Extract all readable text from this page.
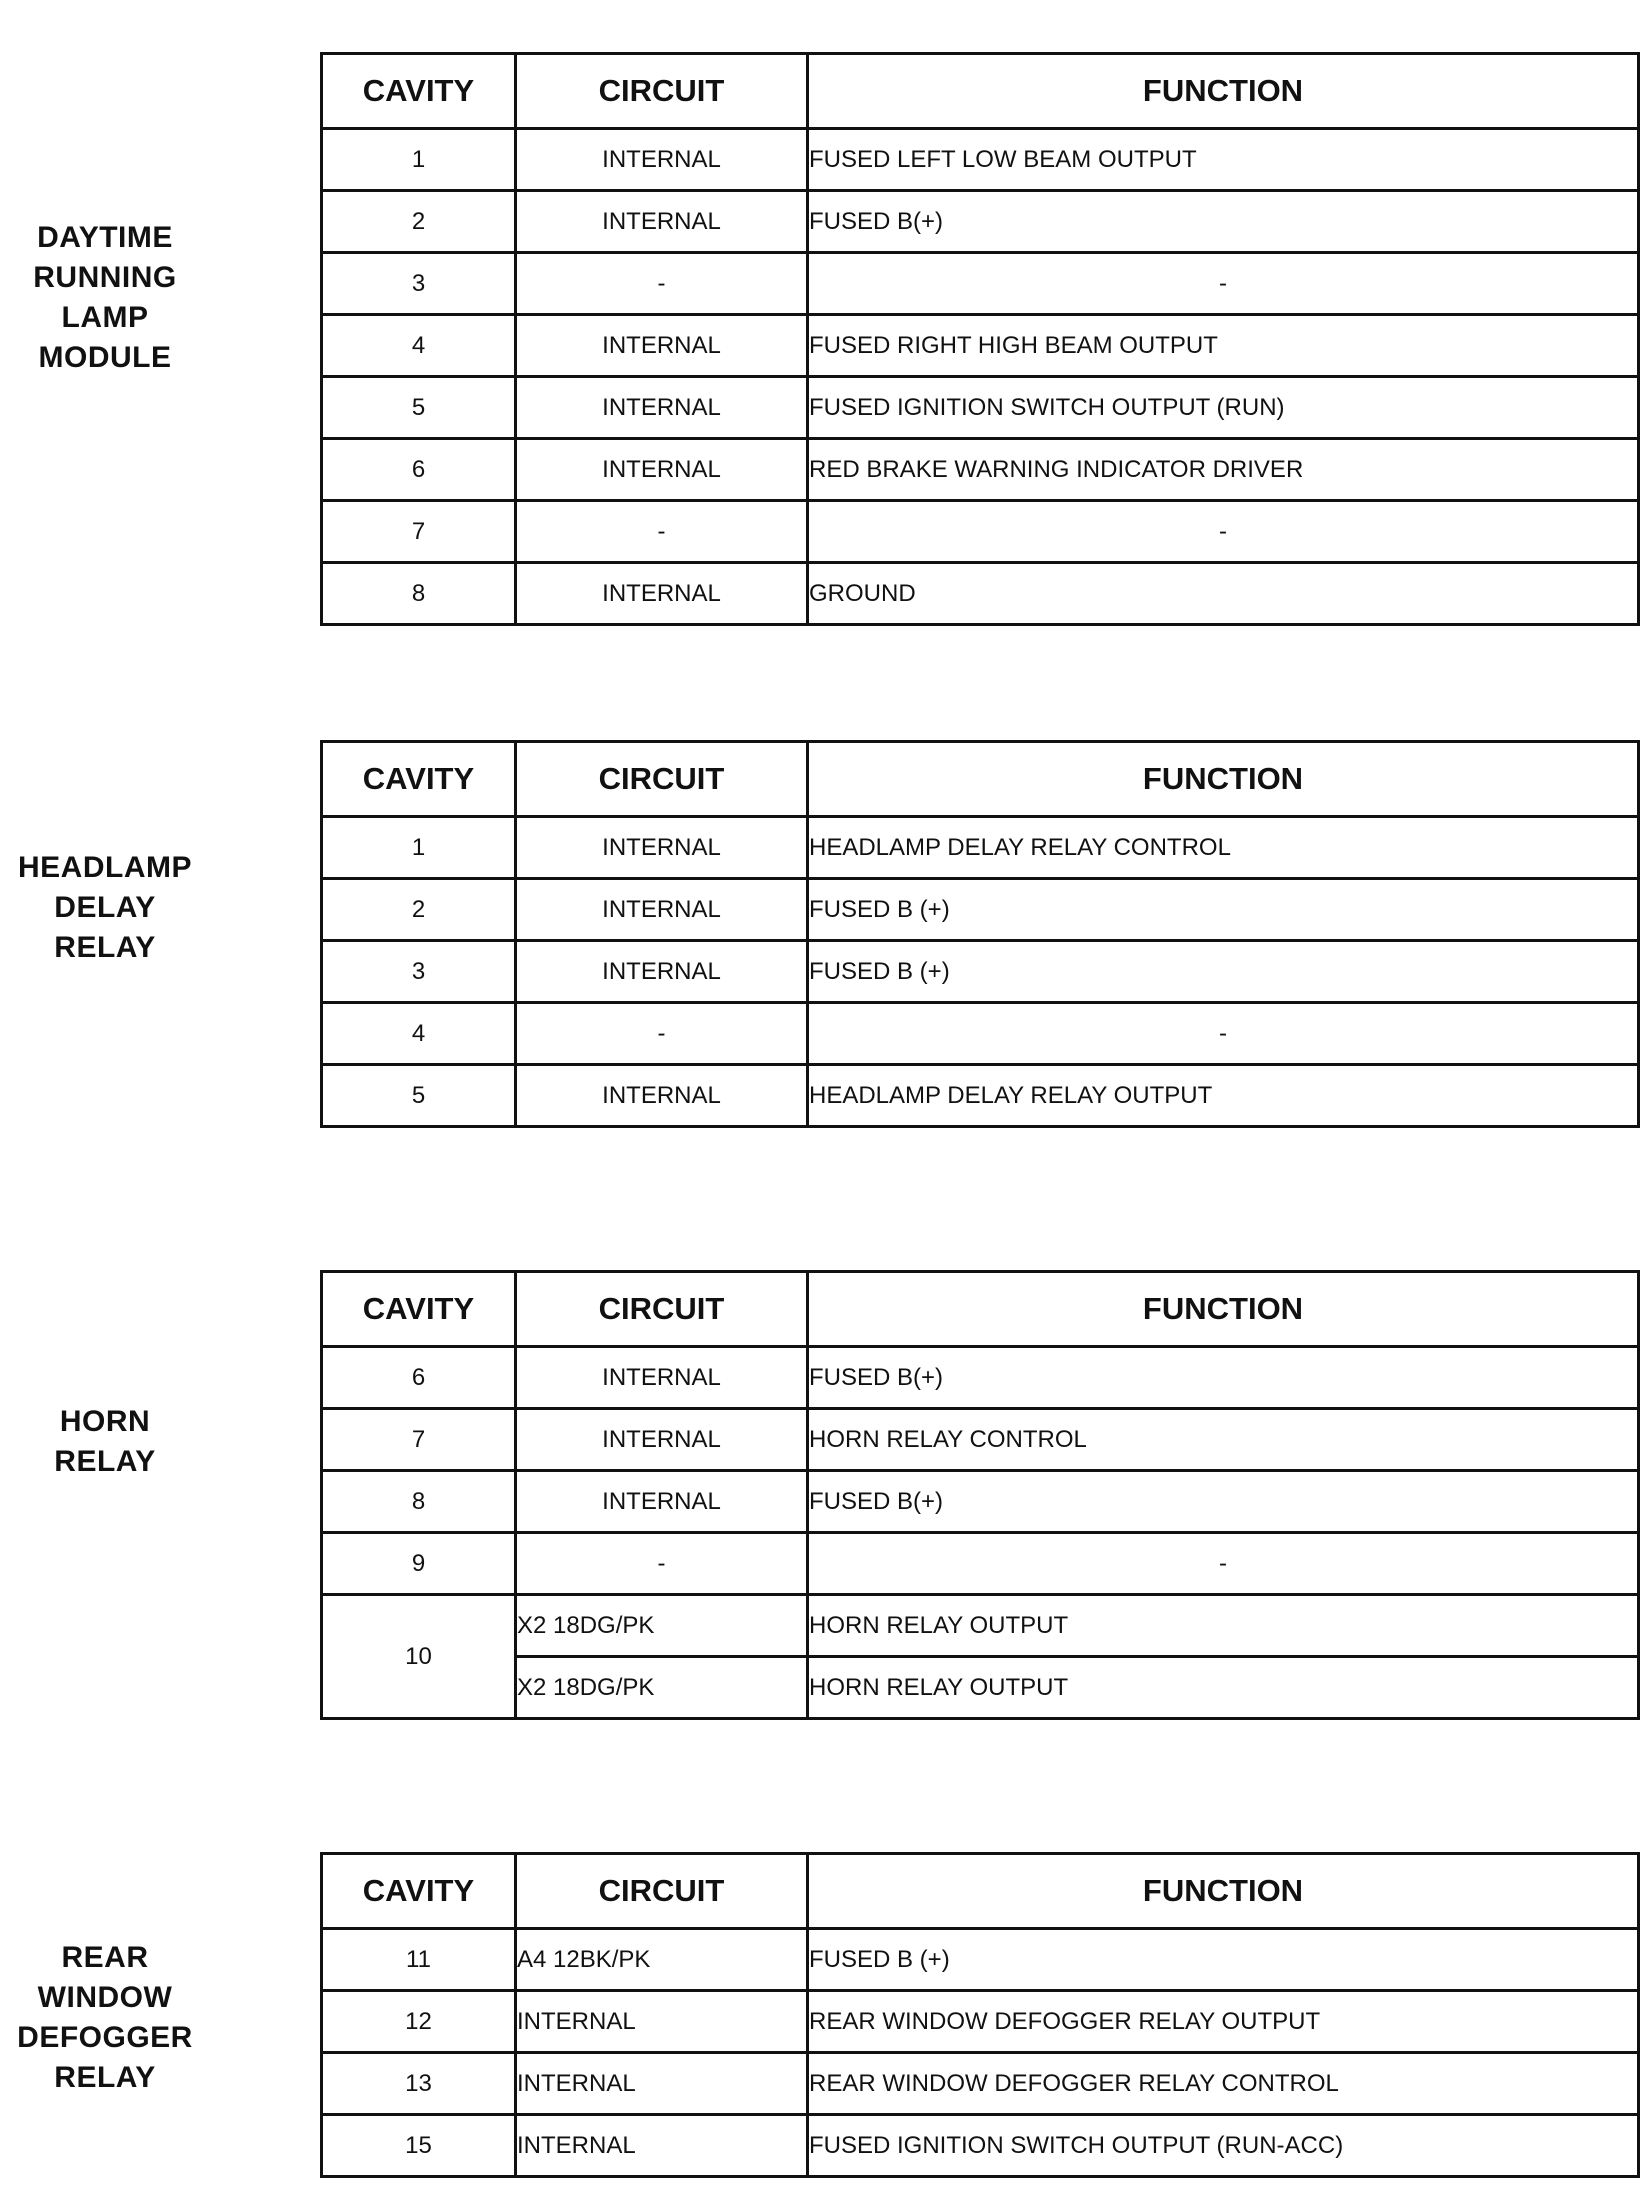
DAYTIME
RUNNING
LAMP
MODULE
CAVITY	CIRCUIT	FUNCTION
1	INTERNAL	FUSED LEFT LOW BEAM OUTPUT
2	INTERNAL	FUSED B(+)
3	-	-
4	INTERNAL	FUSED RIGHT HIGH BEAM OUTPUT
5	INTERNAL	FUSED IGNITION SWITCH OUTPUT (RUN)
6	INTERNAL	RED BRAKE WARNING INDICATOR DRIVER
7	-	-
8	INTERNAL	GROUND
HEADLAMP
DELAY
RELAY
CAVITY	CIRCUIT	FUNCTION
1	INTERNAL	HEADLAMP DELAY RELAY CONTROL
2	INTERNAL	FUSED B (+)
3	INTERNAL	FUSED B (+)
4	-	-
5	INTERNAL	HEADLAMP DELAY RELAY OUTPUT
HORN
RELAY
CAVITY	CIRCUIT	FUNCTION
6	INTERNAL	FUSED B(+)
7	INTERNAL	HORN RELAY CONTROL
8	INTERNAL	FUSED B(+)
9	-	-
10	X2 18DG/PK	HORN RELAY OUTPUT
	X2 18DG/PK	HORN RELAY OUTPUT
REAR
WINDOW
DEFOGGER
RELAY
CAVITY	CIRCUIT	FUNCTION
11	A4 12BK/PK	FUSED B (+)
12	INTERNAL	REAR WINDOW DEFOGGER RELAY OUTPUT
13	INTERNAL	REAR WINDOW DEFOGGER RELAY CONTROL
15	INTERNAL	FUSED IGNITION SWITCH OUTPUT (RUN-ACC)
